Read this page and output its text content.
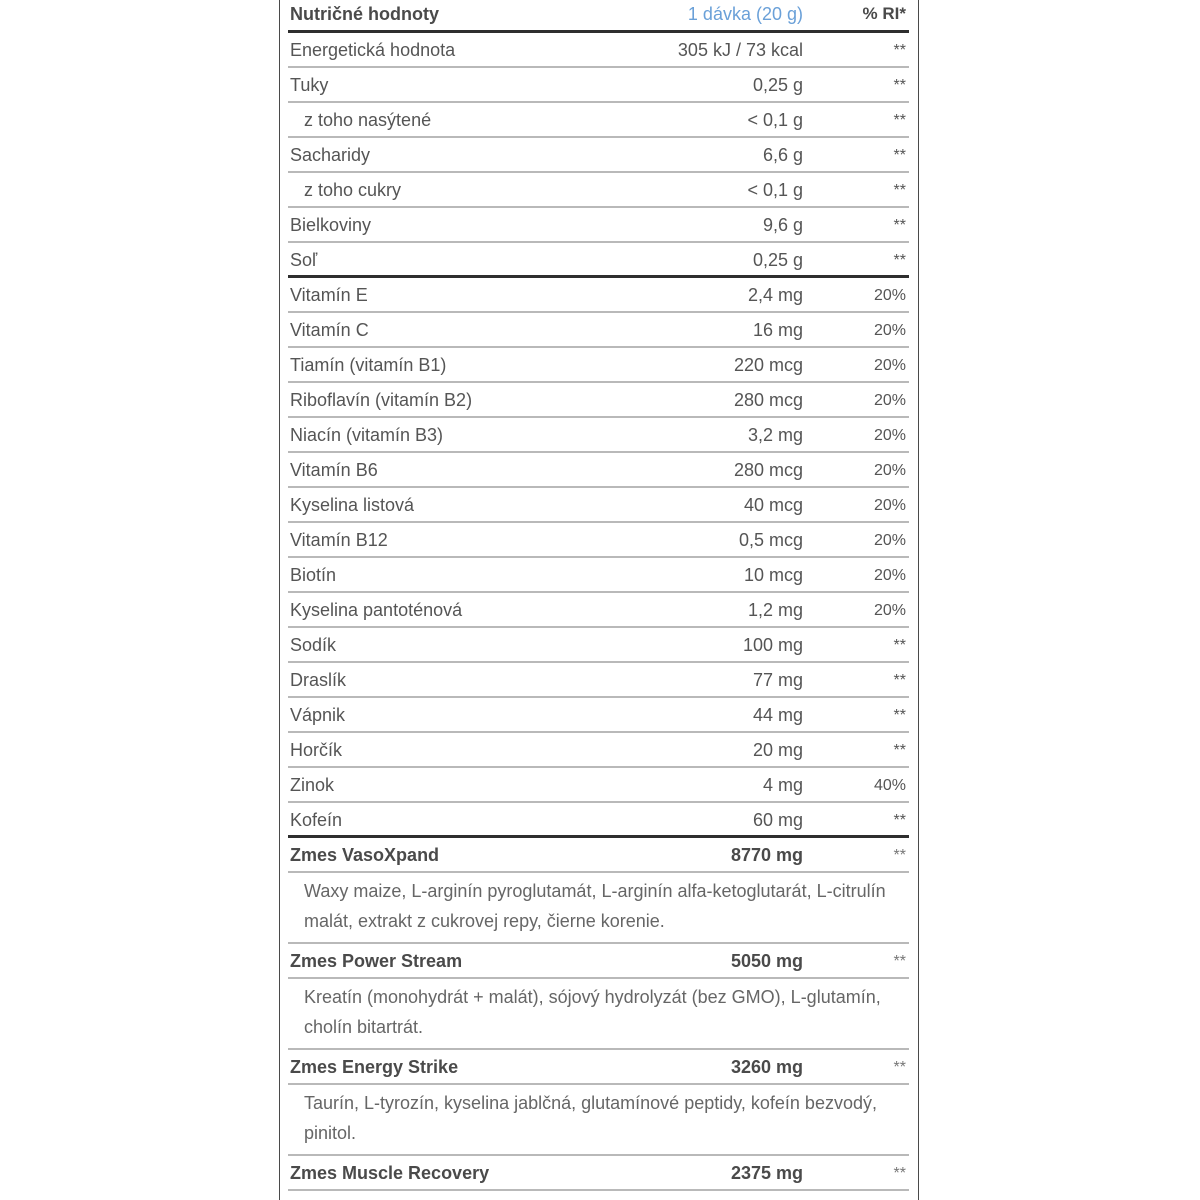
Nutričné hodnoty	1 dávka (20 g)	% RI*
Energetická hodnota	305 kJ / 73 kcal	**
Tuky	0,25 g	**
z toho nasýtené	< 0,1 g	**
Sacharidy	6,6 g	**
z toho cukry	< 0,1 g	**
Bielkoviny	9,6 g	**
Soľ	0,25 g	**
Vitamín E	2,4 mg	20%
Vitamín C	16 mg	20%
Tiamín (vitamín B1)	220 mcg	20%
Riboflavín (vitamín B2)	280 mcg	20%
Niacín (vitamín B3)	3,2 mg	20%
Vitamín B6	280 mcg	20%
Kyselina listová	40 mcg	20%
Vitamín B12	0,5 mcg	20%
Biotín	10 mcg	20%
Kyselina pantoténová	1,2 mg	20%
Sodík	100 mg	**
Draslík	77 mg	**
Vápnik	44 mg	**
Horčík	20 mg	**
Zinok	4 mg	40%
Kofeín	60 mg	**
Zmes VasoXpand	8770 mg	**
Waxy maize, L-arginín pyroglutamát, L-arginín alfa-ketoglutarát, L-citrulín malát, extrakt z cukrovej repy, čierne korenie.
Zmes Power Stream	5050 mg	**
Kreatín (monohydrát + malát), sójový hydrolyzát (bez GMO), L-glutamín, cholín bitartrát.
Zmes Energy Strike	3260 mg	**
Taurín, L-tyrozín, kyselina jablčná, glutamínové peptidy, kofeín bezvodý, pinitol.
Zmes Muscle Recovery	2375 mg	**
